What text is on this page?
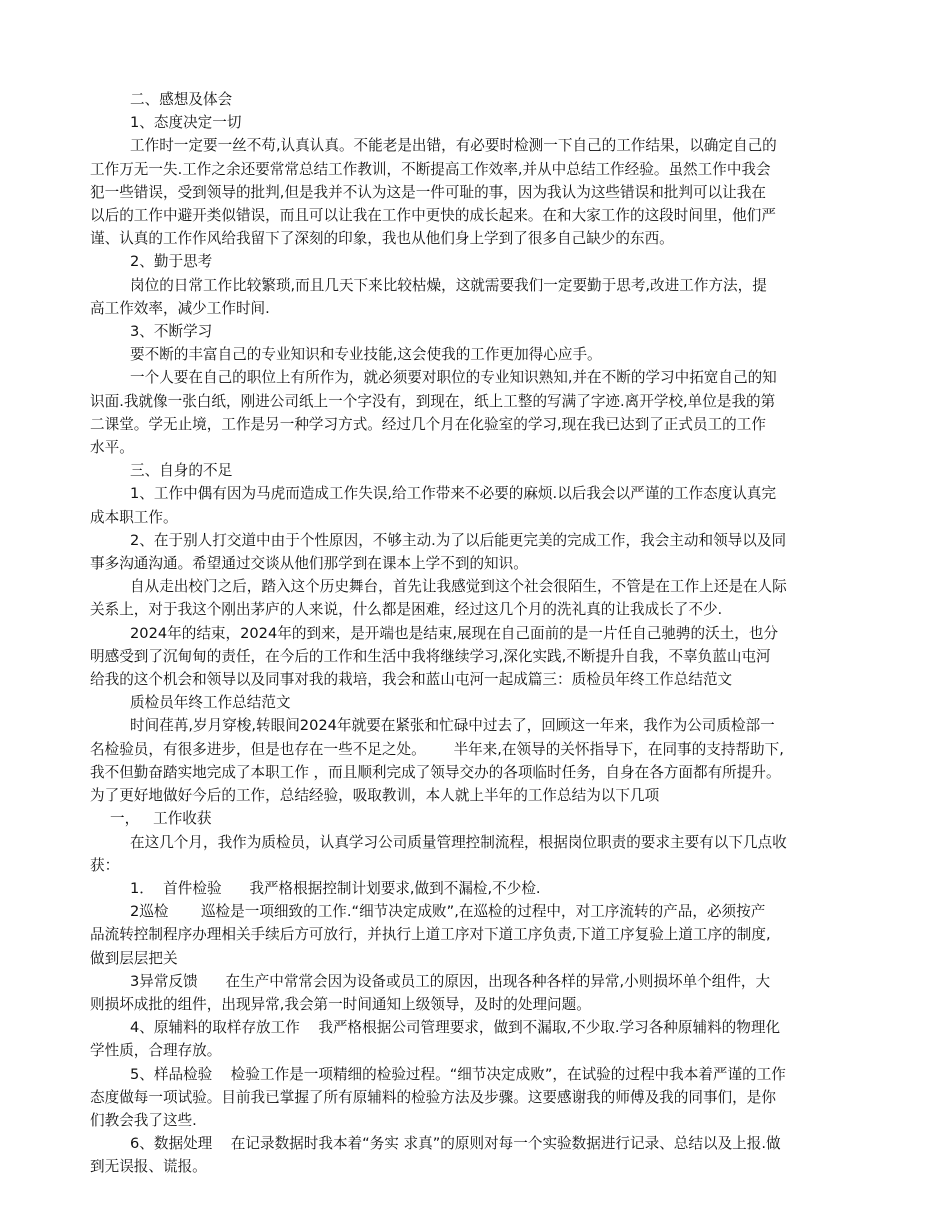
二、感想及体会

1、态度决定一切

工作时一定要一丝不苟,认真认真。不能老是出错，有必要时检测一下自己的工作结果，以确定自己的

工作万无一失.工作之余还要常常总结工作教训，不断提高工作效率,并从中总结工作经验。虽然工作中我会

犯一些错误，受到领导的批判,但是我并不认为这是一件可耻的事，因为我认为这些错误和批判可以让我在

以后的工作中避开类似错误，而且可以让我在工作中更快的成长起来。在和大家工作的这段时间里，他们严

谨、认真的工作作风给我留下了深刻的印象，我也从他们身上学到了很多自己缺少的东西。

2、勤于思考

岗位的日常工作比较繁琐,而且几天下来比较枯燥，这就需要我们一定要勤于思考,改进工作方法，提

高工作效率，减少工作时间.

3、不断学习

要不断的丰富自己的专业知识和专业技能,这会使我的工作更加得心应手。

一个人要在自己的职位上有所作为，就必须要对职位的专业知识熟知,并在不断的学习中拓宽自己的知

识面.我就像一张白纸，刚进公司纸上一个字没有，到现在，纸上工整的写满了字迹.离开学校,单位是我的第

二课堂。学无止境，工作是另一种学习方式。经过几个月在化验室的学习,现在我已达到了正式员工的工作

水平。

三、自身的不足

1、工作中偶有因为马虎而造成工作失误,给工作带来不必要的麻烦.以后我会以严谨的工作态度认真完

成本职工作。

2、在于别人打交道中由于个性原因，不够主动.为了以后能更完美的完成工作，我会主动和领导以及同

事多沟通沟通。希望通过交谈从他们那学到在课本上学不到的知识。

自从走出校门之后，踏入这个历史舞台，首先让我感觉到这个社会很陌生，不管是在工作上还是在人际

关系上，对于我这个刚出茅庐的人来说，什么都是困难，经过这几个月的洗礼真的让我成长了不少.

2024年的结束，2024年的到来，是开端也是结束,展现在自己面前的是一片任自己驰骋的沃土，也分

明感受到了沉甸甸的责任，在今后的工作和生活中我将继续学习,深化实践,不断提升自我，不辜负蓝山屯河

给我的这个机会和领导以及同事对我的栽培，我会和蓝山屯河一起成篇三：质检员年终工作总结范文

质检员年终工作总结范文

时间荏苒,岁月穿梭,转眼间2024年就要在紧张和忙碌中过去了，回顾这一年来，我作为公司质检部一

名检验员，有很多进步，但是也存在一些不足之处。      半年来,在领导的关怀指导下，在同事的支持帮助下,

我不但勤奋踏实地完成了本职工作 ，而且顺利完成了领导交办的各项临时任务，自身在各方面都有所提升。

为了更好地做好今后的工作，总结经验，吸取教训，本人就上半年的工作总结为以下几项

一，   工作收获

在这几个月，我作为质检员，认真学习公司质量管理控制流程，根据岗位职责的要求主要有以下几点收

获：

1．  首件检验      我严格根据控制计划要求,做到不漏检,不少检.

2巡检       巡检是一项细致的工作.“细节决定成败”,在巡检的过程中，对工序流转的产品，必须按产

品流转控制程序办理相关手续后方可放行，并执行上道工序对下道工序负责,下道工序复验上道工序的制度,

做到层层把关

3异常反馈      在生产中常常会因为设备或员工的原因，出现各种各样的异常,小则损坏单个组件，大

则损坏成批的组件，出现异常,我会第一时间通知上级领导，及时的处理问题。

4、原辅料的取样存放工作    我严格根据公司管理要求，做到不漏取,不少取.学习各种原辅料的物理化

学性质，合理存放。

5、样品检验    检验工作是一项精细的检验过程。“细节决定成败”，在试验的过程中我本着严谨的工作

态度做每一项试验。目前我已掌握了所有原辅料的检验方法及步骤。这要感谢我的师傅及我的同事们，是你

们教会我了这些.

6、数据处理    在记录数据时我本着“务实 求真”的原则对每一个实验数据进行记录、总结以及上报.做

到无误报、谎报。
